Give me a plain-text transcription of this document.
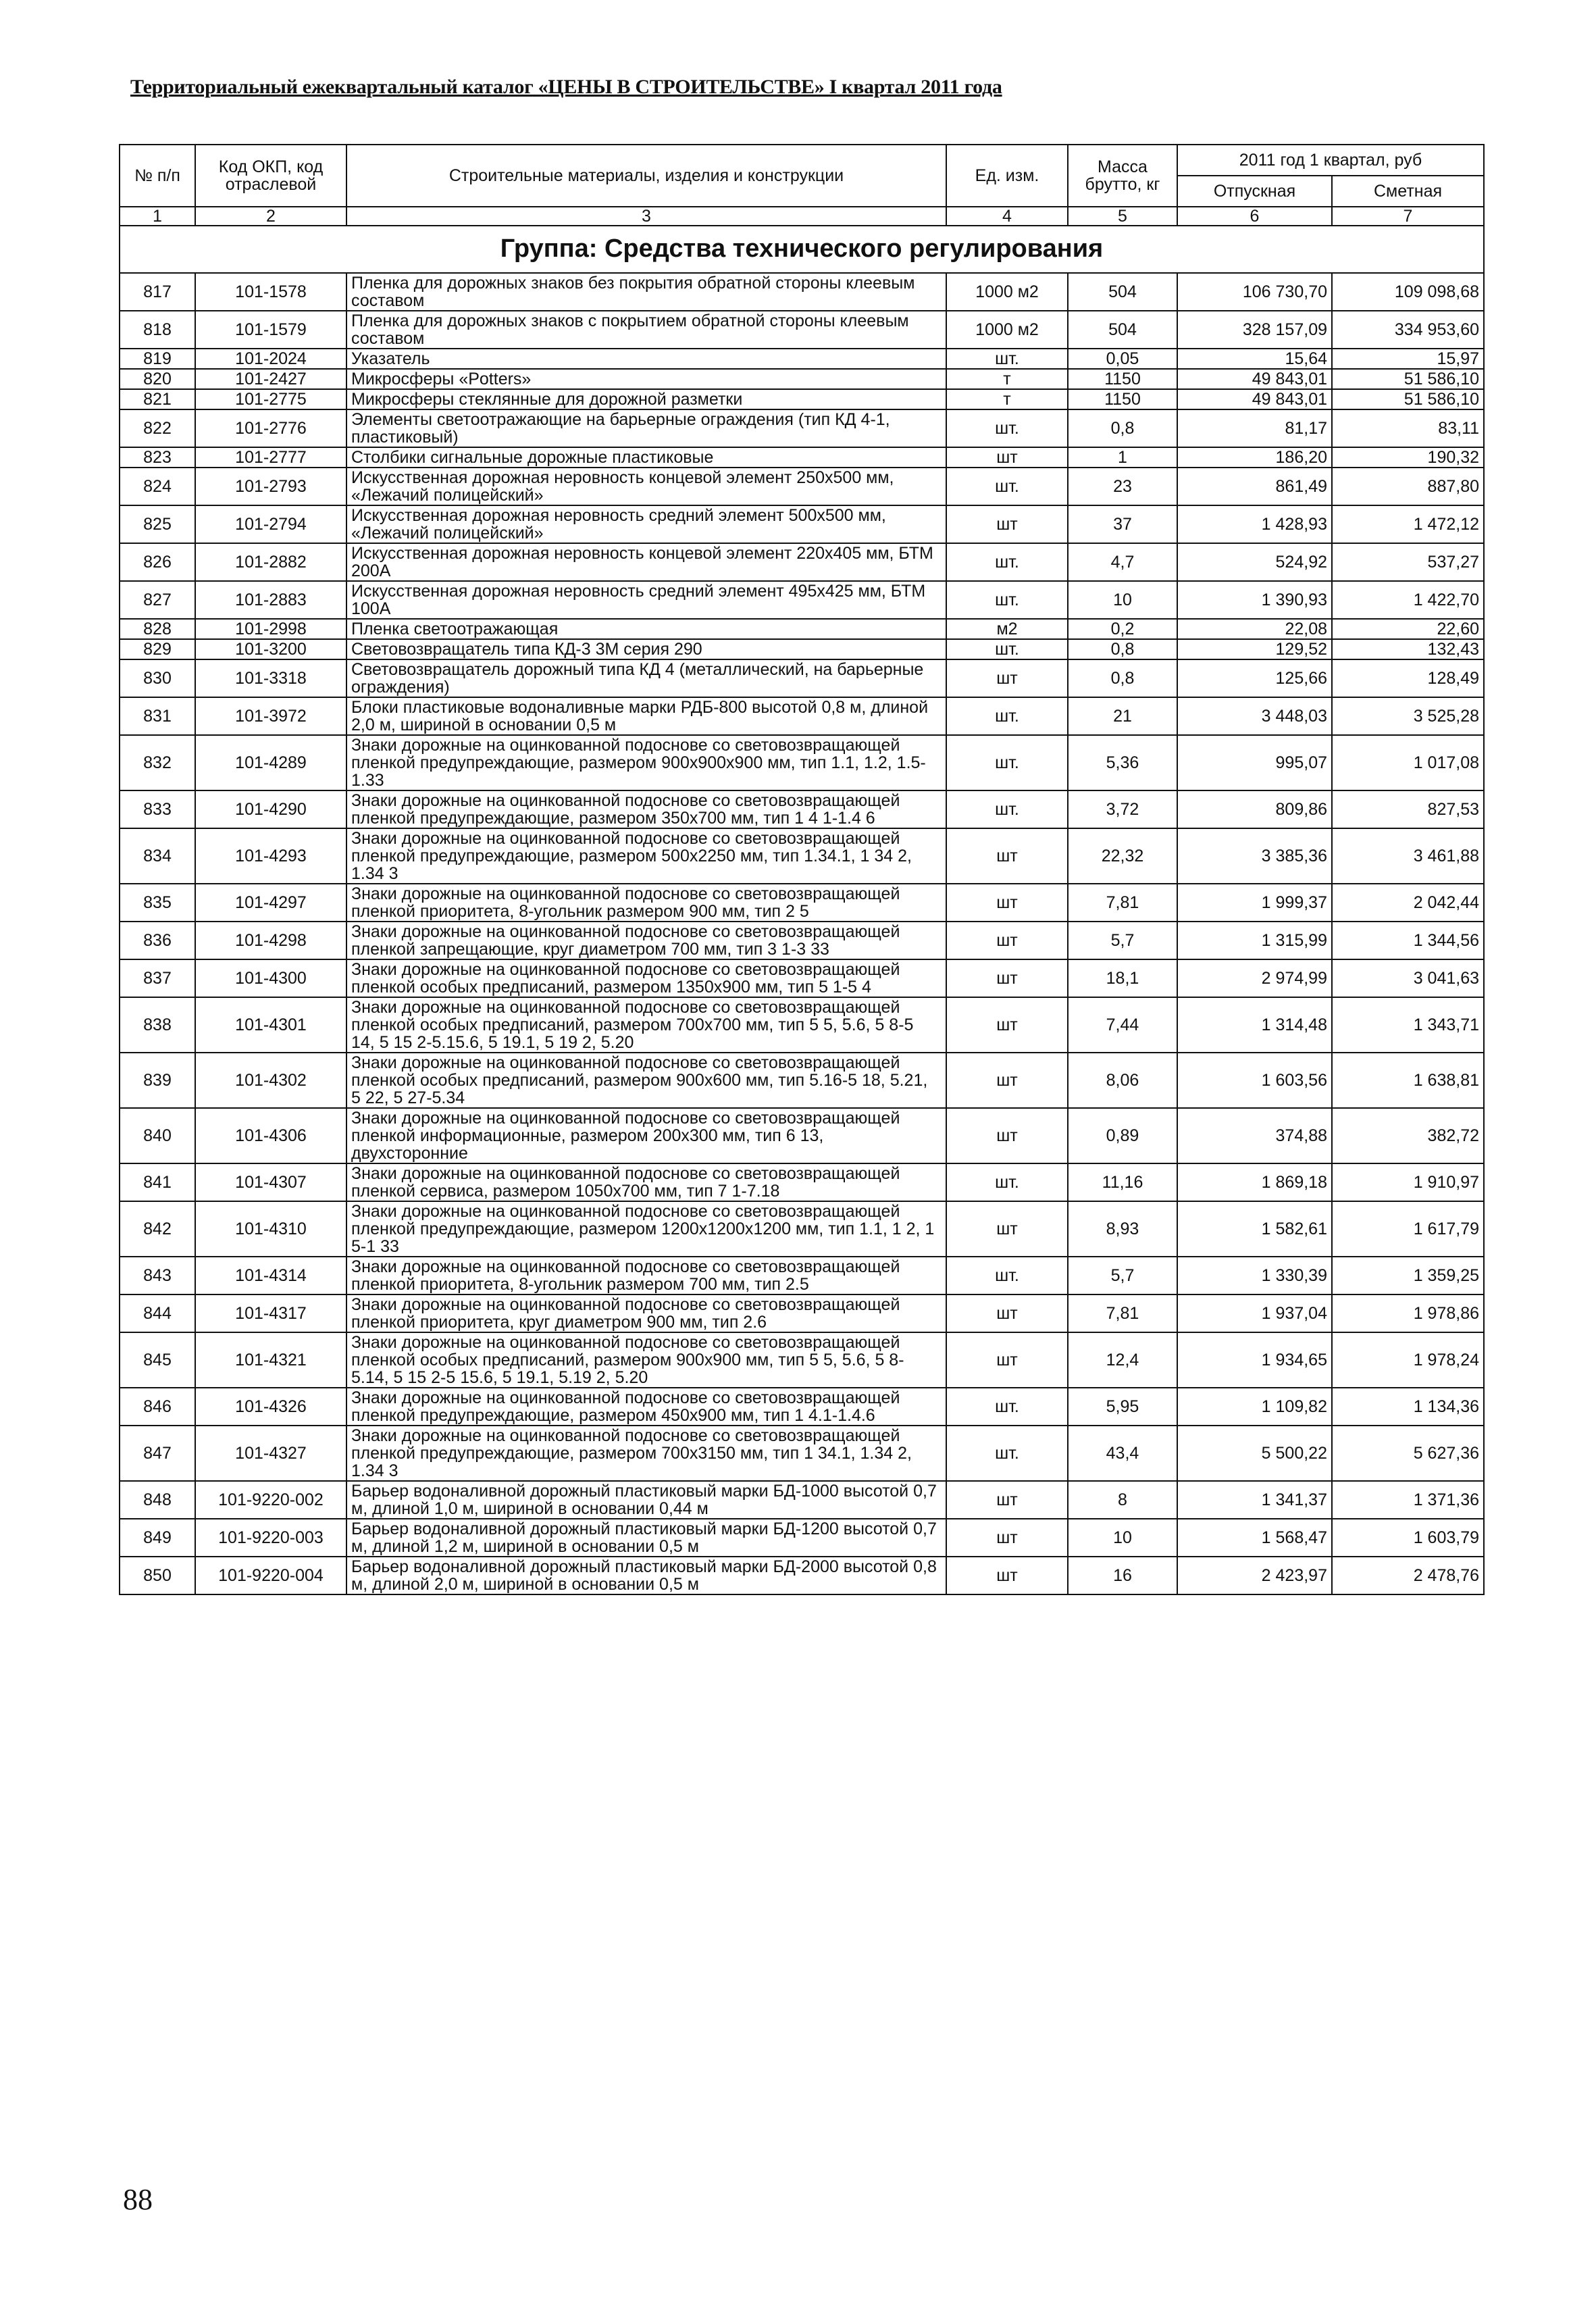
Территориальный ежеквартальный каталог «ЦЕНЫ В СТРОИТЕЛЬСТВЕ» I квартал 2011 года
№ п/п	Код ОКП, код отраслевой	Строительные материалы, изделия и конструкции	Ед. изм.	Масса брутто, кг	2011 год 1 квартал, руб	
					Отпускная	Сметная
1	2	3	4	5	6	7
Группа: Средства технического регулирования						
817	101-1578	Пленка для дорожных знаков без покрытия обратной стороны клеевым составом	1000 м2	504	106 730,70	109 098,68
818	101-1579	Пленка для дорожных знаков с покрытием обратной стороны клеевым составом	1000 м2	504	328 157,09	334 953,60
819	101-2024	Указатель	шт.	0,05	15,64	15,97
820	101-2427	Микросферы «Potters»	т	1150	49 843,01	51 586,10
821	101-2775	Микросферы стеклянные для дорожной разметки	т	1150	49 843,01	51 586,10
822	101-2776	Элементы светоотражающие на барьерные ограждения (тип КД 4-1, пластиковый)	шт.	0,8	81,17	83,11
823	101-2777	Столбики сигнальные дорожные пластиковые	шт	1	186,20	190,32
824	101-2793	Искусственная дорожная неровность концевой элемент 250х500 мм, «Лежачий полицейский»	шт.	23	861,49	887,80
825	101-2794	Искусственная дорожная неровность средний элемент 500х500 мм, «Лежачий полицейский»	шт	37	1 428,93	1 472,12
826	101-2882	Искусственная дорожная неровность концевой элемент 220х405 мм, БТМ 200А	шт.	4,7	524,92	537,27
827	101-2883	Искусственная дорожная неровность средний элемент 495х425 мм, БТМ 100А	шт.	10	1 390,93	1 422,70
828	101-2998	Пленка светоотражающая	м2	0,2	22,08	22,60
829	101-3200	Световозвращатель типа КД-3 3М серия 290	шт.	0,8	129,52	132,43
830	101-3318	Световозвращатель дорожный типа КД 4 (металлический, на барьерные ограждения)	шт	0,8	125,66	128,49
831	101-3972	Блоки пластиковые водоналивные марки РДБ-800 высотой 0,8 м, длиной 2,0 м, шириной в основании 0,5 м	шт.	21	3 448,03	3 525,28
832	101-4289	Знаки дорожные на оцинкованной подоснове со световозвращающей пленкой предупреждающие, размером 900х900х900 мм, тип 1.1, 1.2, 1.5-1.33	шт.	5,36	995,07	1 017,08
833	101-4290	Знаки дорожные на оцинкованной подоснове со световозвращающей пленкой предупреждающие, размером 350х700 мм, тип 1 4 1-1.4 6	шт.	3,72	809,86	827,53
834	101-4293	Знаки дорожные на оцинкованной подоснове со световозвращающей пленкой предупреждающие, размером 500х2250 мм, тип 1.34.1, 1 34 2, 1.34 3	шт	22,32	3 385,36	3 461,88
835	101-4297	Знаки дорожные на оцинкованной подоснове со световозвращающей пленкой приоритета, 8-угольник размером 900 мм, тип 2 5	шт	7,81	1 999,37	2 042,44
836	101-4298	Знаки дорожные на оцинкованной подоснове со световозвращающей пленкой запрещающие, круг диаметром 700 мм, тип 3 1-3 33	шт	5,7	1 315,99	1 344,56
837	101-4300	Знаки дорожные на оцинкованной подоснове со световозвращающей пленкой особых предписаний, размером 1350х900 мм, тип 5 1-5 4	шт	18,1	2 974,99	3 041,63
838	101-4301	Знаки дорожные на оцинкованной подоснове со световозвращающей пленкой особых предписаний, размером 700х700 мм, тип 5 5, 5.6, 5 8-5 14, 5 15 2-5.15.6, 5 19.1, 5 19 2, 5.20	шт	7,44	1 314,48	1 343,71
839	101-4302	Знаки дорожные на оцинкованной подоснове со световозвращающей пленкой особых предписаний, размером 900х600 мм, тип 5.16-5 18, 5.21, 5 22, 5 27-5.34	шт	8,06	1 603,56	1 638,81
840	101-4306	Знаки дорожные на оцинкованной подоснове со световозвращающей пленкой информационные, размером 200х300 мм, тип 6 13, двухсторонние	шт	0,89	374,88	382,72
841	101-4307	Знаки дорожные на оцинкованной подоснове со световозвращающей пленкой сервиса, размером 1050х700 мм, тип 7 1-7.18	шт.	11,16	1 869,18	1 910,97
842	101-4310	Знаки дорожные на оцинкованной подоснове со световозвращающей пленкой предупреждающие, размером 1200х1200х1200 мм, тип 1.1, 1 2, 1 5-1 33	шт	8,93	1 582,61	1 617,79
843	101-4314	Знаки дорожные на оцинкованной подоснове со световозвращающей пленкой приоритета, 8-угольник размером 700 мм, тип 2.5	шт.	5,7	1 330,39	1 359,25
844	101-4317	Знаки дорожные на оцинкованной подоснове со световозвращающей пленкой приоритета, круг диаметром 900 мм, тип 2.6	шт	7,81	1 937,04	1 978,86
845	101-4321	Знаки дорожные на оцинкованной подоснове со световозвращающей пленкой особых предписаний, размером 900х900 мм, тип 5 5, 5.6, 5 8-5.14, 5 15 2-5 15.6, 5 19.1, 5.19 2, 5.20	шт	12,4	1 934,65	1 978,24
846	101-4326	Знаки дорожные на оцинкованной подоснове со световозвращающей пленкой предупреждающие, размером 450х900 мм, тип 1 4.1-1.4.6	шт.	5,95	1 109,82	1 134,36
847	101-4327	Знаки дорожные на оцинкованной подоснове со световозвращающей пленкой предупреждающие, размером 700х3150 мм, тип 1 34.1, 1.34 2, 1.34 3	шт.	43,4	5 500,22	5 627,36
848	101-9220-002	Барьер водоналивной дорожный пластиковый марки БД-1000 высотой 0,7 м, длиной 1,0 м, шириной в основании 0,44 м	шт	8	1 341,37	1 371,36
849	101-9220-003	Барьер водоналивной дорожный пластиковый марки БД-1200 высотой 0,7 м, длиной 1,2 м, шириной в основании 0,5 м	шт	10	1 568,47	1 603,79
850	101-9220-004	Барьер водоналивной дорожный пластиковый марки БД-2000 высотой 0,8 м, длиной 2,0 м, шириной в основании 0,5 м	шт	16	2 423,97	2 478,76
88
